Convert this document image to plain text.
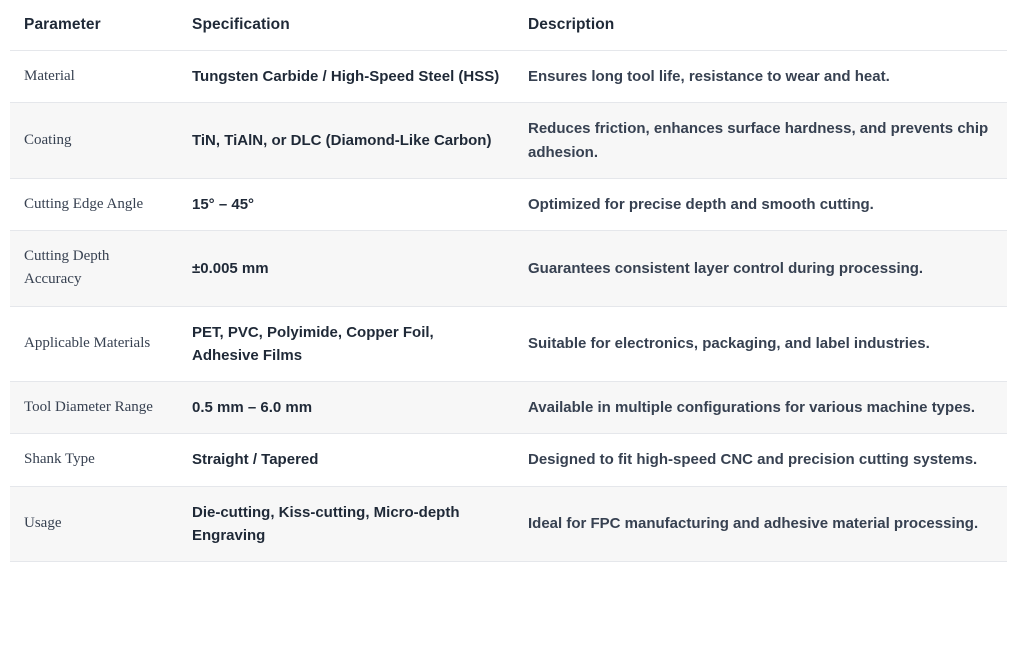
Parameter	Specification	Description
Material	Tungsten Carbide / High-Speed Steel (HSS)	Ensures long tool life, resistance to wear and heat.
Coating	TiN, TiAlN, or DLC (Diamond-Like Carbon)	Reduces friction, enhances surface hardness, and prevents chip adhesion.
Cutting Edge Angle	15° – 45°	Optimized for precise depth and smooth cutting.
Cutting Depth Accuracy	±0.005 mm	Guarantees consistent layer control during processing.
Applicable Materials	PET, PVC, Polyimide, Copper Foil, Adhesive Films	Suitable for electronics, packaging, and label industries.
Tool Diameter Range	0.5 mm – 6.0 mm	Available in multiple configurations for various machine types.
Shank Type	Straight / Tapered	Designed to fit high-speed CNC and precision cutting systems.
Usage	Die-cutting, Kiss-cutting, Micro-depth Engraving	Ideal for FPC manufacturing and adhesive material processing.
